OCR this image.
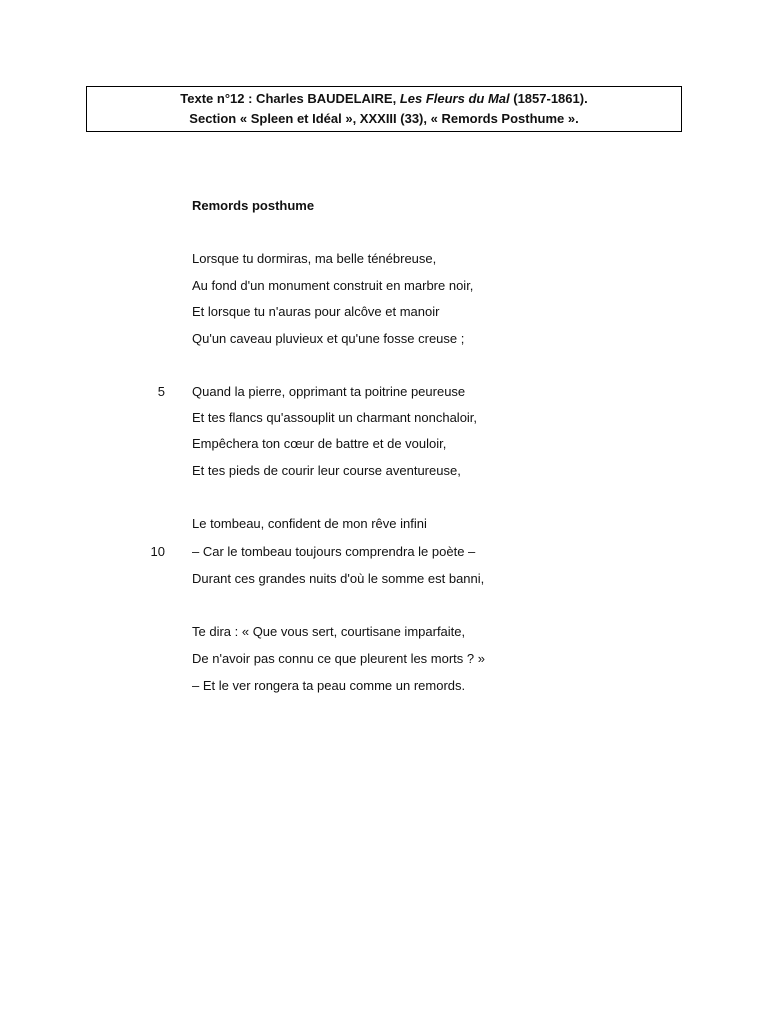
Texte n°12 : Charles BAUDELAIRE, Les Fleurs du Mal (1857-1861).
Section « Spleen et Idéal », XXXIII (33), « Remords Posthume ».
Remords posthume
Lorsque tu dormiras, ma belle ténébreuse,
Au fond d'un monument construit en marbre noir,
Et lorsque tu n'auras pour alcôve et manoir
Qu'un caveau pluvieux et qu'une fosse creuse ;
5 Quand la pierre, opprimant ta poitrine peureuse
Et tes flancs qu'assouplit un charmant nonchaloir,
Empêchera ton cœur de battre et de vouloir,
Et tes pieds de courir leur course aventureuse,
Le tombeau, confident de mon rêve infini
10 – Car le tombeau toujours comprendra le poète –
Durant ces grandes nuits d'où le somme est banni,
Te dira : « Que vous sert, courtisane imparfaite,
De n'avoir pas connu ce que pleurent les morts ? »
– Et le ver rongera ta peau comme un remords.
